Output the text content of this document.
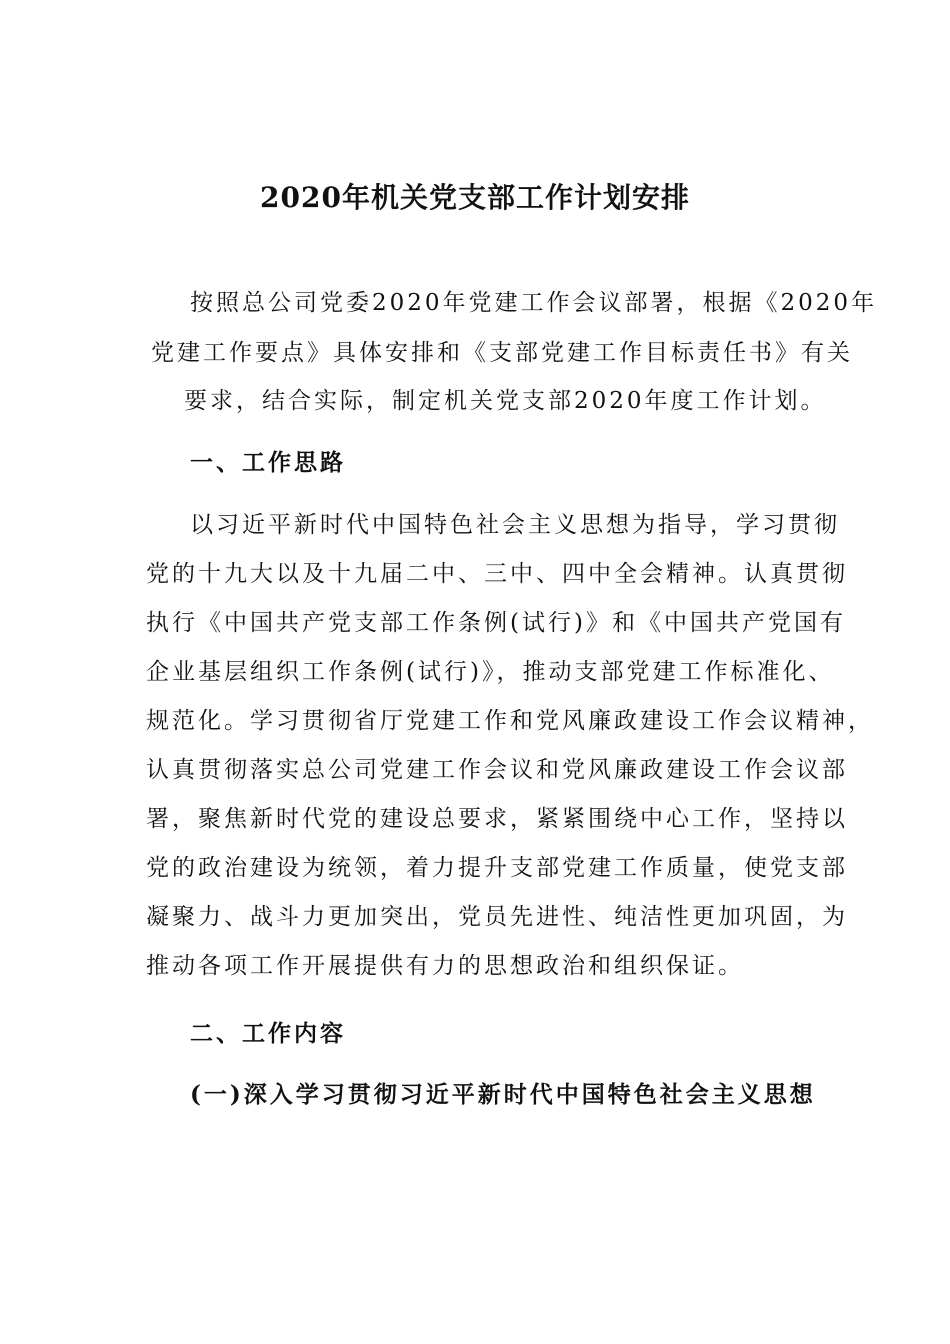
2020年机关党支部工作计划安排
按照总公司党委2020年党建工作会议部署，根据《2020年
党建工作要点》具体安排和《支部党建工作目标责任书》有关
要求，结合实际，制定机关党支部2020年度工作计划。
一、工作思路
以习近平新时代中国特色社会主义思想为指导，学习贯彻
党的十九大以及十九届二中、三中、四中全会精神。认真贯彻
执行《中国共产党支部工作条例(试行)》和《中国共产党国有
企业基层组织工作条例(试行)》，推动支部党建工作标准化、
规范化。学习贯彻省厅党建工作和党风廉政建设工作会议精神，
认真贯彻落实总公司党建工作会议和党风廉政建设工作会议部
署，聚焦新时代党的建设总要求，紧紧围绕中心工作，坚持以
党的政治建设为统领，着力提升支部党建工作质量，使党支部
凝聚力、战斗力更加突出，党员先进性、纯洁性更加巩固，为
推动各项工作开展提供有力的思想政治和组织保证。
二、工作内容
(一)深入学习贯彻习近平新时代中国特色社会主义思想
